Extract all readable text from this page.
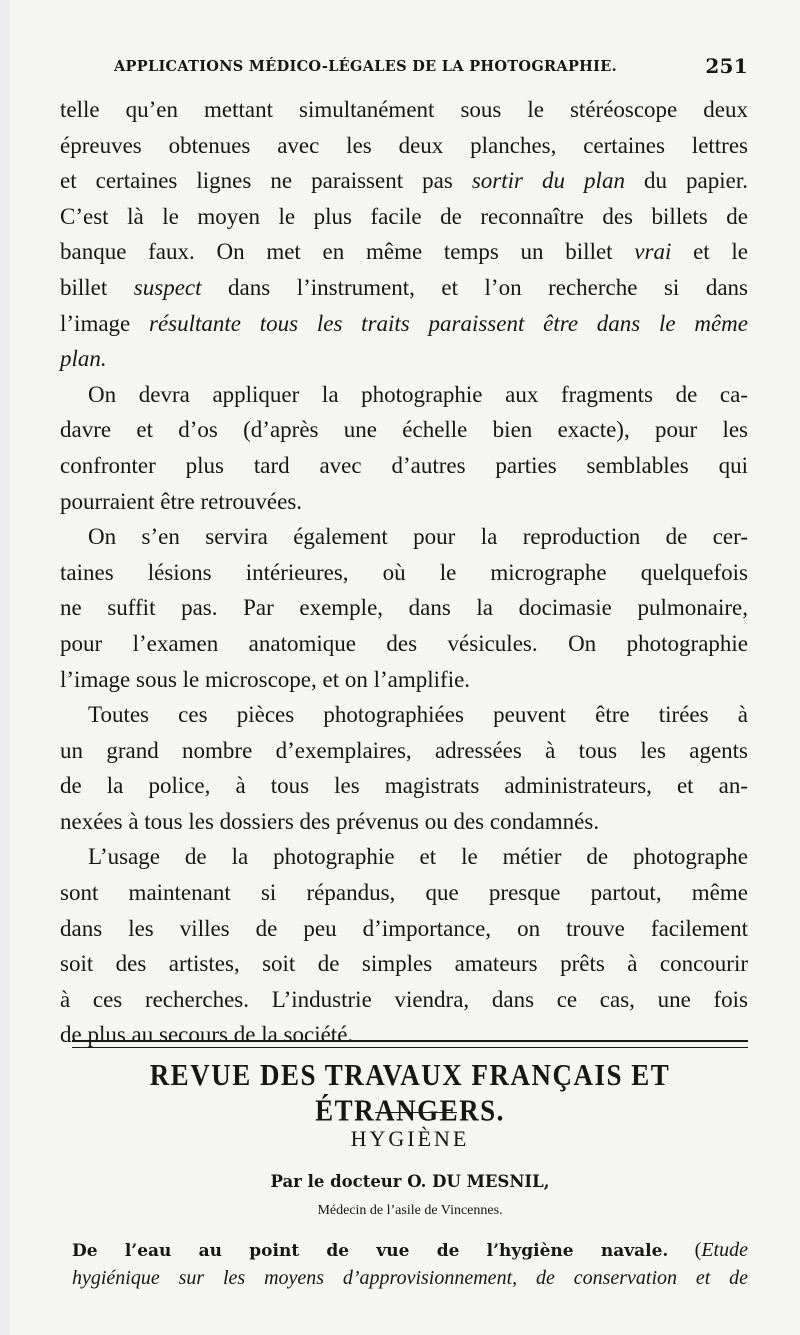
APPLICATIONS MÉDICO-LÉGALES DE LA PHOTOGRAPHIE.	251

telle qu’en mettant simultanément sous le stéréoscope deux
épreuves obtenues avec les deux planches, certaines lettres
et certaines lignes ne paraissent pas sortir du plan du papier.
C’est là le moyen le plus facile de reconnaître des billets de
banque faux. On met en même temps un billet vrai et le
billet suspect dans l’instrument, et l’on recherche si dans
l’image résultante tous les traits paraissent être dans le même
plan.

On devra appliquer la photographie aux fragments de ca-
davre et d’os (d’après une échelle bien exacte), pour les
confronter plus tard avec d’autres parties semblables qui
pourraient être retrouvées.

On s’en servira également pour la reproduction de cer-
taines lésions intérieures, où le micrographe quelquefois
ne suffit pas. Par exemple, dans la docimasie pulmonaire,
pour l’examen anatomique des vésicules. On photographie
l’image sous le microscope, et on l’amplifie.

Toutes ces pièces photographiées peuvent être tirées à
un grand nombre d’exemplaires, adressées à tous les agents
de la police, à tous les magistrats administrateurs, et an-
nexées à tous les dossiers des prévenus ou des condamnés.

L’usage de la photographie et le métier de photographe
sont maintenant si répandus, que presque partout, même
dans les villes de peu d’importance, on trouve facilement
soit des artistes, soit de simples amateurs prêts à concourir
à ces recherches. L’industrie viendra, dans ce cas, une fois
de plus au secours de la société.

REVUE DES TRAVAUX FRANÇAIS ET ÉTRANGERS.
HYGIÈNE
Par le docteur O. DU MESNIL,
Médecin de l’asile de Vincennes.
De l’eau au point de vue de l’hygiène navale. (Etude
hygiénique sur les moyens d’approvisionnement, de conservation et de
